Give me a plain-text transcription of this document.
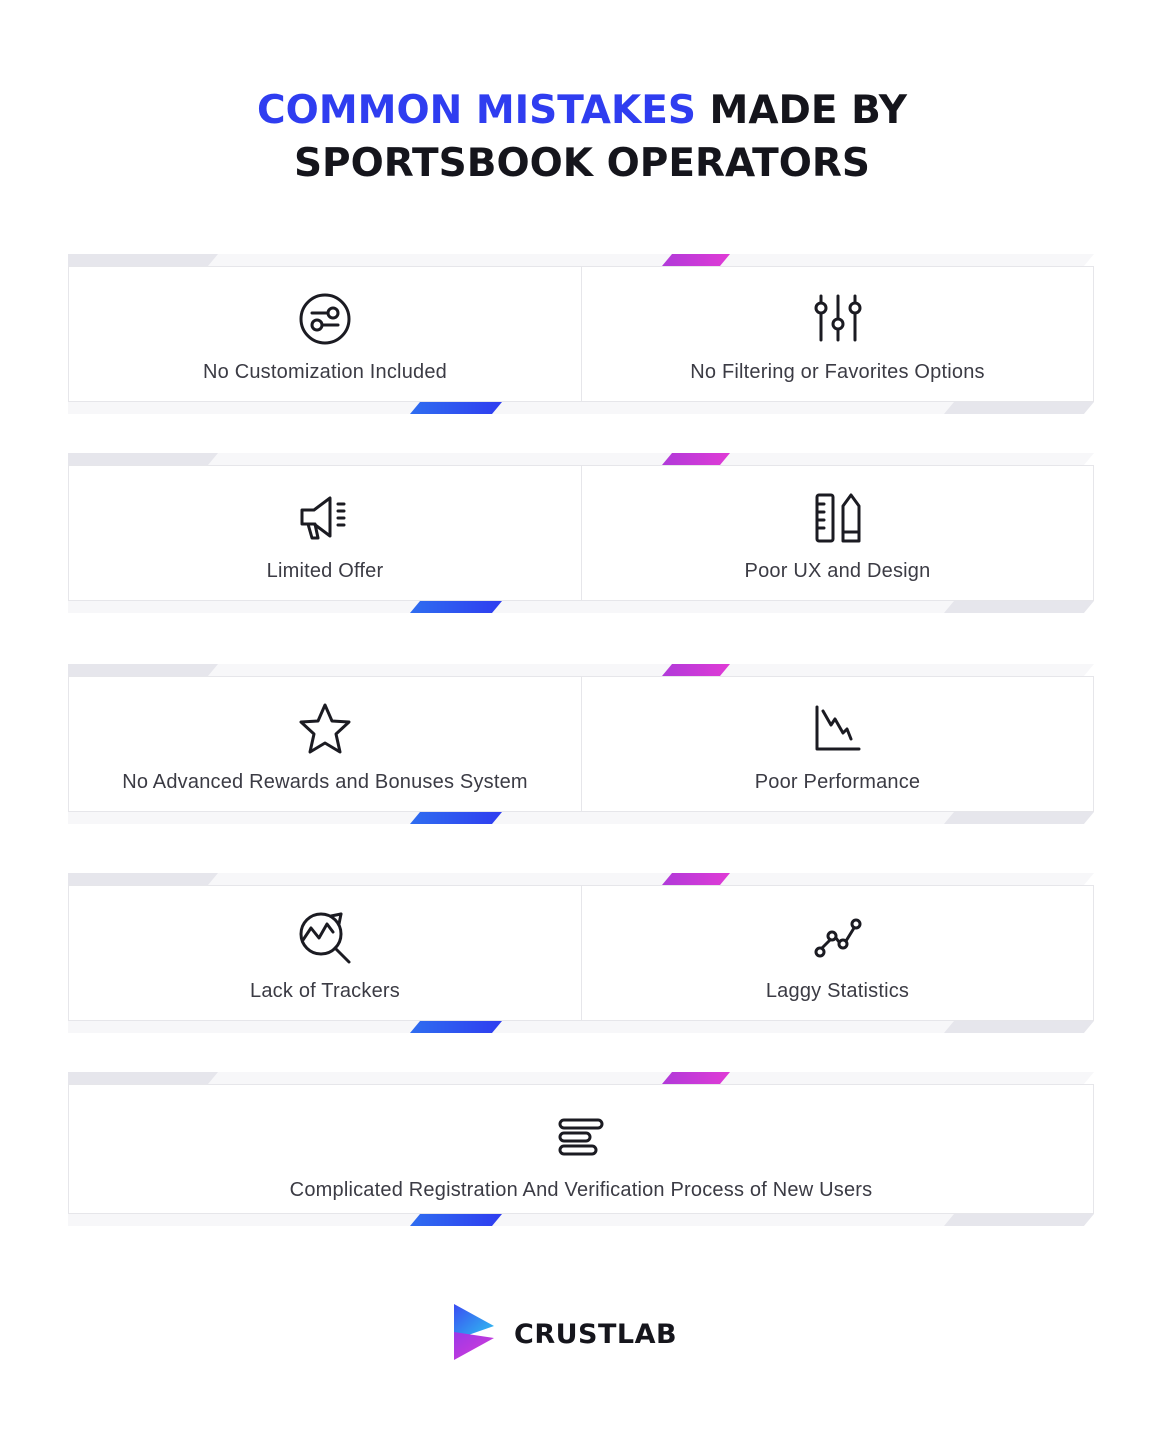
COMMON MISTAKES MADE BY
SPORTSBOOK OPERATORS
No Customization Included	No Filtering or Favorites Options
Limited Offer	Poor UX and Design
No Advanced Rewards and Bonuses System	Poor Performance
Lack of Trackers	Laggy Statistics
Complicated Registration And Verification Process of New Users
CRUSTLAB
